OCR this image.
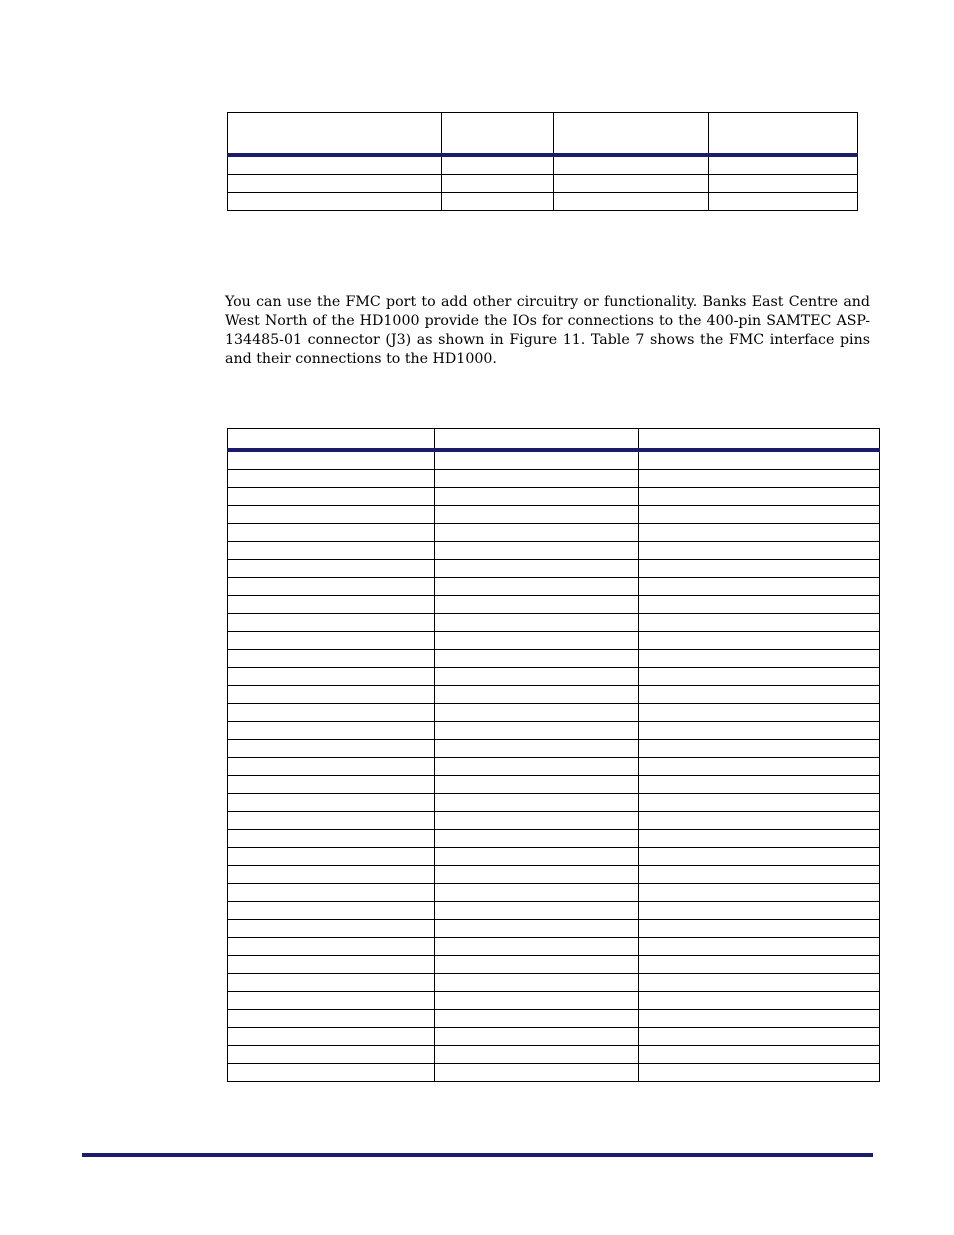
You can use the FMC port to add other circuitry or functionality. Banks East Centre and West North of the HD1000 provide the IOs for connections to the 400-pin SAMTEC ASP-134485-01 connector (J3) as shown in Figure 11. Table 7 shows the FMC interface pins and their connections to the HD1000.
